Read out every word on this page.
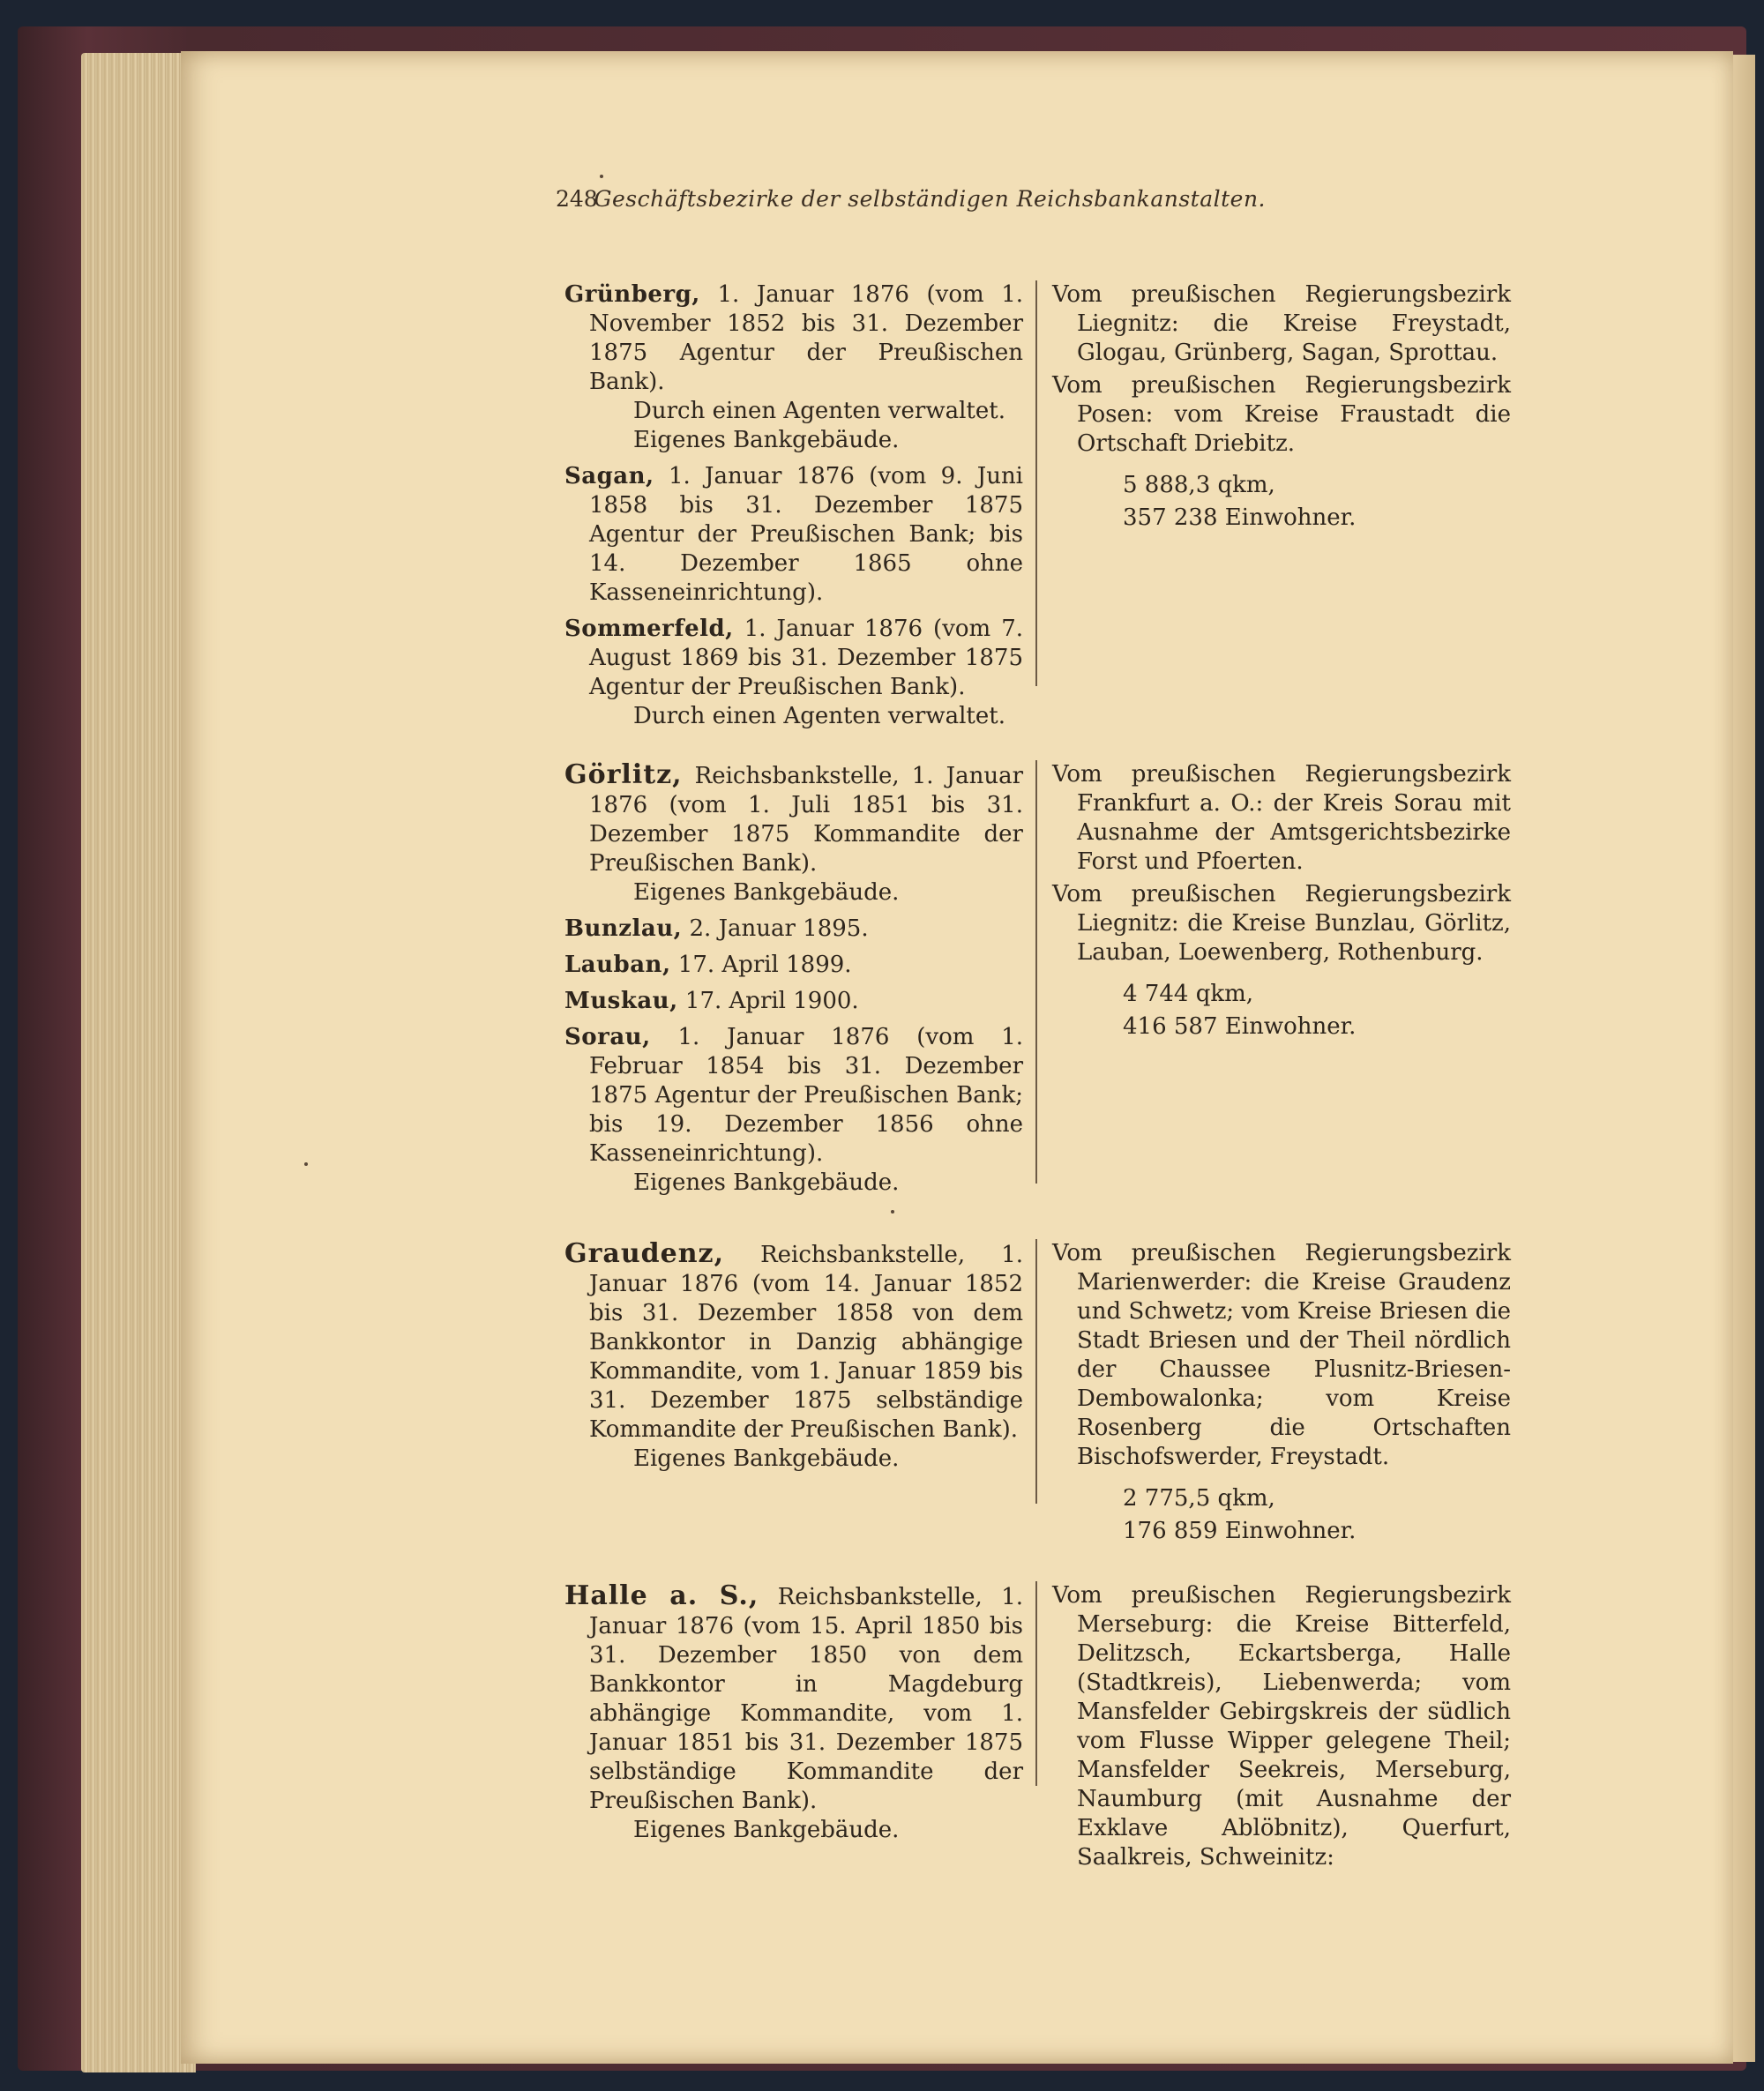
248
Geschäftsbezirke der selbständigen Reichsbankanstalten.

Grünberg, 1. Januar 1876 (vom 1. November 1852 bis 31. Dezember 1875 Agentur der Preußischen Bank).

Durch einen Agenten verwaltet.

Eigenes Bankgebäude.

Sagan, 1. Januar 1876 (vom 9. Juni 1858 bis 31. Dezember 1875 Agentur der Preußischen Bank; bis 14. Dezember 1865 ohne Kasseneinrichtung).

Sommerfeld, 1. Januar 1876 (vom 7. August 1869 bis 31. Dezember 1875 Agentur der Preußischen Bank).

Durch einen Agenten verwaltet.

Vom preußischen Regierungsbezirk Liegnitz: die Kreise Freystadt, Glogau, Grünberg, Sagan, Sprottau.

Vom preußischen Regierungsbezirk Posen: vom Kreise Fraustadt die Ortschaft Driebitz.

5 888,3 qkm,

357 238 Einwohner.

Görlitz, Reichsbankstelle, 1. Januar 1876 (vom 1. Juli 1851 bis 31. Dezember 1875 Kommandite der Preußischen Bank).

Eigenes Bankgebäude.

Bunzlau, 2. Januar 1895.

Lauban, 17. April 1899.

Muskau, 17. April 1900.

Sorau, 1. Januar 1876 (vom 1. Februar 1854 bis 31. Dezember 1875 Agentur der Preußischen Bank; bis 19. Dezember 1856 ohne Kasseneinrichtung).

Eigenes Bankgebäude.

Vom preußischen Regierungsbezirk Frankfurt a. O.: der Kreis Sorau mit Ausnahme der Amtsgerichtsbezirke Forst und Pfoerten.

Vom preußischen Regierungsbezirk Liegnitz: die Kreise Bunzlau, Görlitz, Lauban, Loewenberg, Rothenburg.

4 744 qkm,

416 587 Einwohner.

Graudenz, Reichsbankstelle, 1. Januar 1876 (vom 14. Januar 1852 bis 31. Dezember 1858 von dem Bankkontor in Danzig abhängige Kommandite, vom 1. Januar 1859 bis 31. Dezember 1875 selbständige Kommandite der Preußischen Bank).

Eigenes Bankgebäude.

Vom preußischen Regierungsbezirk Marienwerder: die Kreise Graudenz und Schwetz; vom Kreise Briesen die Stadt Briesen und der Theil nördlich der Chaussee Plusnitz-Briesen-Dembowalonka; vom Kreise Rosenberg die Ortschaften Bischofswerder, Freystadt.

2 775,5 qkm,

176 859 Einwohner.

Halle a. S., Reichsbankstelle, 1. Januar 1876 (vom 15. April 1850 bis 31. Dezember 1850 von dem Bankkontor in Magdeburg abhängige Kommandite, vom 1. Januar 1851 bis 31. Dezember 1875 selbständige Kommandite der Preußischen Bank).

Eigenes Bankgebäude.

Vom preußischen Regierungsbezirk Merseburg: die Kreise Bitterfeld, Delitzsch, Eckartsberga, Halle (Stadtkreis), Liebenwerda; vom Mansfelder Gebirgskreis der südlich vom Flusse Wipper gelegene Theil; Mansfelder Seekreis, Merseburg, Naumburg (mit Ausnahme der Exklave Ablöbnitz), Querfurt, Saalkreis, Schweinitz:
